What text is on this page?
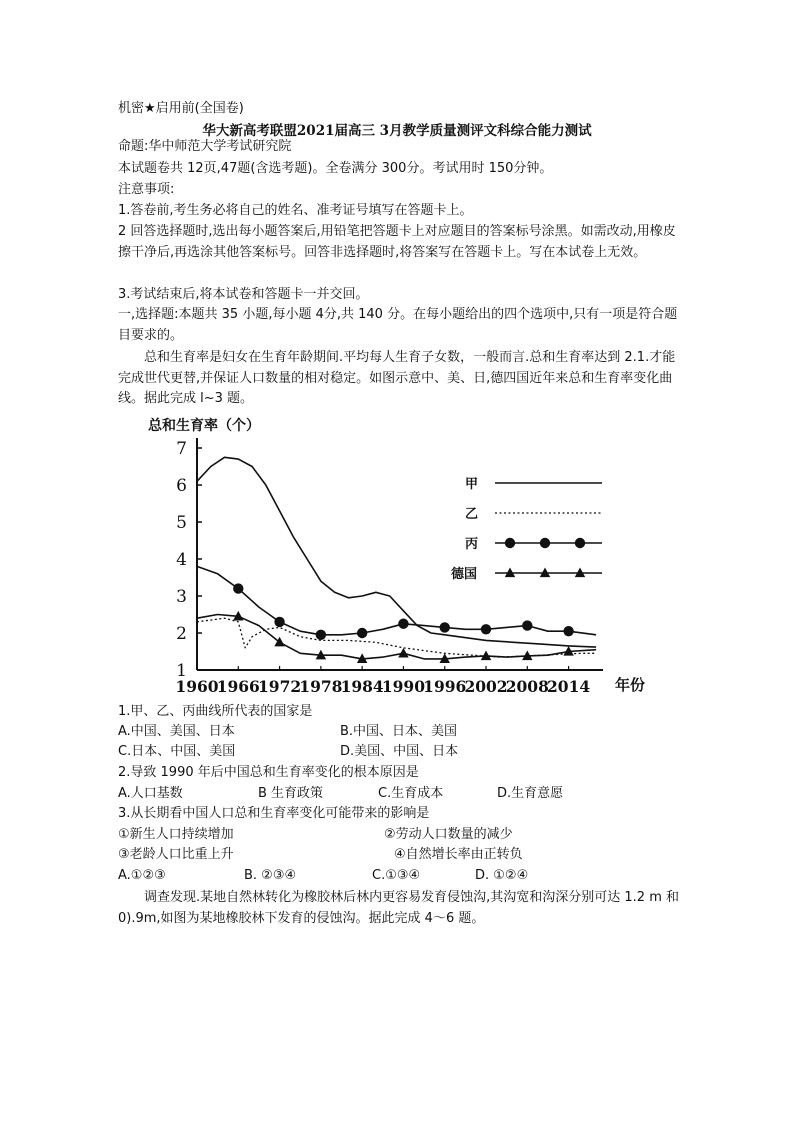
机密★启用前(全国卷)
华大新高考联盟2021届高三 3月教学质量测评文科综合能力测试
命题:华中师范大学考试研究院
本试题卷共 12页,47题(含选考题)。全卷满分 300分。考试用时 150分钟。
注意事项:
1.答卷前,考生务必将自己的姓名、准考证号填写在答题卡上。
2 回答选择题时,选出每小题答案后,用铅笔把答题卡上对应题目的答案标号涂黑。如需改动,用橡皮擦干净后,再选涂其他答案标号。回答非选择题时,将答案写在答题卡上。写在本试卷上无效。
3.考试结束后,将本试卷和答题卡一并交回。
一,选择题:本题共 35 小题,每小题 4分,共 140 分。在每小题给出的四个选项中,只有一项是符合题目要求的。
总和生育率是妇女在生育年龄期间.平均每人生育子女数，一般而言.总和生育率达到 2.1.才能完成世代更替,并保证人口数量的相对稳定。如图示意中、美、日,德四国近年来总和生育率变化曲线。据此完成 l~3 题。
总和生育率（个）
1
2
3
4
5
6
7
1960
1966
1972
1978
1984
1990
1996
2002
2008
2014 年份
甲
乙
丙
德国
1.甲、乙、丙曲线所代表的国家是
A.中国、美国、日本	B.中国、日本、美国
C.日本、中国、美国	D.美国、中国、日本
2.导致 1990 年后中国总和生育率变化的根本原因是
A.人口基数	B 生育政策	C.生育成本	D.生育意愿
3.从长期看中国人口总和生育率变化可能带来的影响是
①新生人口持续增加	②劳动人口数量的减少
③老龄人口比重上升	④自然增长率由正转负
A.①②③	B. ②③④	C.①③④	D. ①②④
调查发现.某地自然林转化为橡胶林后林内更容易发育侵蚀沟,其沟宽和沟深分别可达 1.2 m 和 0).9m,如图为某地橡胶林下发育的侵蚀沟。据此完成 4～6 题。
